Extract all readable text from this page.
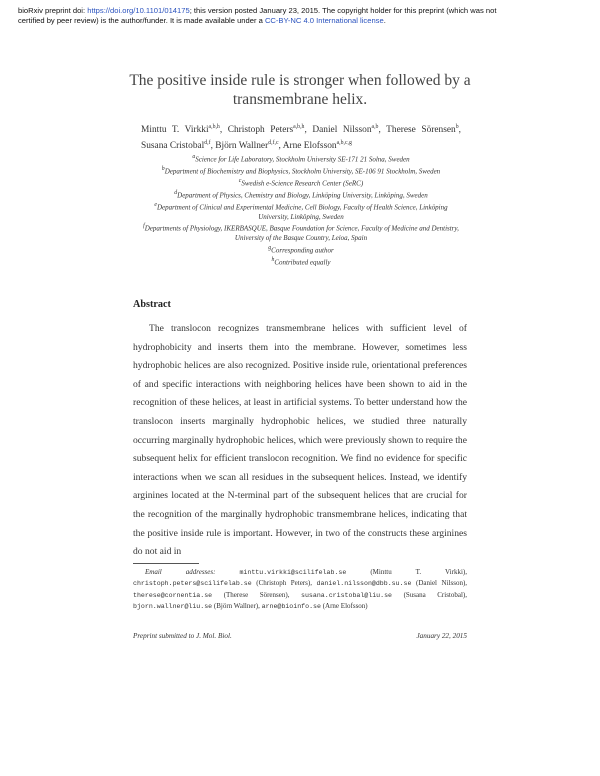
bioRxiv preprint doi: https://doi.org/10.1101/014175; this version posted January 23, 2015. The copyright holder for this preprint (which was not
certified by peer review) is the author/funder. It is made available under a CC-BY-NC 4.0 International license.
The positive inside rule is stronger when followed by a
transmembrane helix.
Minttu T. Virkki$^{a,b,h}$, Christoph Peters$^{a,b,h}$, Daniel Nilsson$^{a,b}$, Therese Sörensen$^b$, Susana Cristobal$^{d,f}$, Björn Wallner$^{d,f,c}$, Arne Elofsson$^{a,b,c,g}$
$^a$Science for Life Laboratory, Stockholm University SE-171 21 Solna, Sweden
$^b$Department of Biochemistry and Biophysics, Stockholm University, SE-106 91 Stockholm, Sweden
$^c$Swedish e-Science Research Center (SeRC)
$^d$Department of Physics, Chemistry and Biology, Linköping University, Linköping, Sweden
$^e$Department of Clinical and Experimental Medicine, Cell Biology, Faculty of Health Science, Linköping University, Linköping, Sweden
$^f$Departments of Physiology, IKERBASQUE, Basque Foundation for Science, Faculty of Medicine and Dentistry, University of the Basque Country, Leioa, Spain
$^g$Corresponding author
$^h$Contributed equally
Abstract

The translocon recognizes transmembrane helices with sufficient level of hydrophobicity and inserts them into the membrane. However, sometimes less hydrophobic helices are also recognized. Positive inside rule, orientational preferences of and specific interactions with neighboring helices have been shown to aid in the recognition of these helices, at least in artificial systems. To better understand how the translocon inserts marginally hydrophobic helices, we studied three naturally occurring marginally hydrophobic helices, which were previously shown to require the subsequent helix for efficient translocon recognition. We find no evidence for specific interactions when we scan all residues in the subsequent helices. Instead, we identify arginines located at the N-terminal part of the subsequent helices that are crucial for the recognition of the marginally hydrophobic transmembrane helices, indicating that the positive inside rule is important. However, in two of the constructs these arginines do not aid in

Email addresses:	minttu.virkki@scilifelab.se	(Minttu T. Virkki), christoph.peters@scilifelab.se (Christoph Peters), daniel.nilsson@dbb.su.se (Daniel Nilsson), therese@cornentia.se (Therese Sörensen), susana.cristobal@liu.se (Susana Cristobal), bjorn.wallner@liu.se (Björn Wallner), arne@bioinfo.se (Arne Elofsson)
Preprint submitted to J. Mol. Biol.	January 22, 2015
